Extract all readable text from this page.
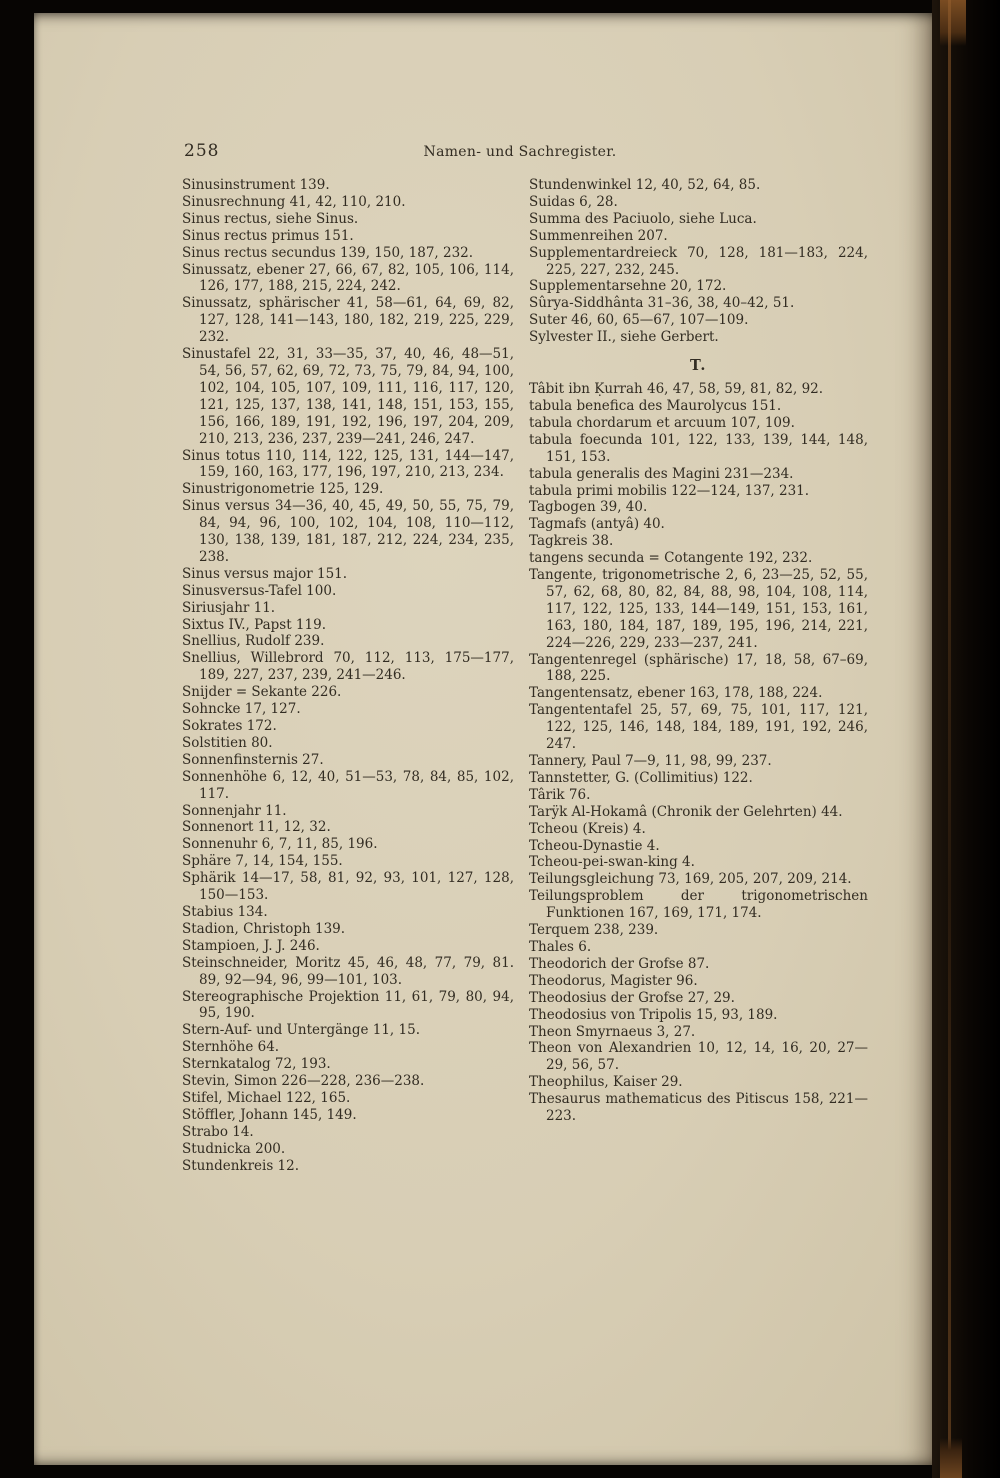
258	Namen- und Sachregister.
Sinusinstrument 139.
Sinusrechnung 41, 42, 110, 210.
Sinus rectus, siehe Sinus.
Sinus rectus primus 151.
Sinus rectus secundus 139, 150, 187, 232.
Sinussatz, ebener 27, 66, 67, 82, 105, 106, 114, 126, 177, 188, 215, 224, 242.
Sinussatz, sphärischer 41, 58—61, 64, 69, 82, 127, 128, 141—143, 180, 182, 219, 225, 229, 232.
Sinustafel 22, 31, 33—35, 37, 40, 46, 48—51, 54, 56, 57, 62, 69, 72, 73, 75, 79, 84, 94, 100, 102, 104, 105, 107, 109, 111, 116, 117, 120, 121, 125, 137, 138, 141, 148, 151, 153, 155, 156, 166, 189, 191, 192, 196, 197, 204, 209, 210, 213, 236, 237, 239—241, 246, 247.
Sinus totus 110, 114, 122, 125, 131, 144—147, 159, 160, 163, 177, 196, 197, 210, 213, 234.
Sinustrigonometrie 125, 129.
Sinus versus 34—36, 40, 45, 49, 50, 55, 75, 79, 84, 94, 96, 100, 102, 104, 108, 110—112, 130, 138, 139, 181, 187, 212, 224, 234, 235, 238.
Sinus versus major 151.
Sinusversus-Tafel 100.
Siriusjahr 11.
Sixtus IV., Papst 119.
Snellius, Rudolf 239.
Snellius, Willebrord 70, 112, 113, 175—177, 189, 227, 237, 239, 241—246.
Snijder = Sekante 226.
Sohncke 17, 127.
Sokrates 172.
Solstitien 80.
Sonnenfinsternis 27.
Sonnenhöhe 6, 12, 40, 51—53, 78, 84, 85, 102, 117.
Sonnenjahr 11.
Sonnenort 11, 12, 32.
Sonnenuhr 6, 7, 11, 85, 196.
Sphäre 7, 14, 154, 155.
Sphärik 14—17, 58, 81, 92, 93, 101, 127, 128, 150—153.
Stabius 134.
Stadion, Christoph 139.
Stampioen, J. J. 246.
Steinschneider, Moritz 45, 46, 48, 77, 79, 81. 89, 92—94, 96, 99—101, 103.
Stereographische Projektion 11, 61, 79, 80, 94, 95, 190.
Stern-Auf- und Untergänge 11, 15.
Sternhöhe 64.
Sternkatalog 72, 193.
Stevin, Simon 226—228, 236—238.
Stifel, Michael 122, 165.
Stöffler, Johann 145, 149.
Strabo 14.
Studnicka 200.
Stundenkreis 12.
Stundenwinkel 12, 40, 52, 64, 85.
Suidas 6, 28.
Summa des Paciuolo, siehe Luca.
Summenreihen 207.
Supplementardreieck 70, 128, 181—183, 224, 225, 227, 232, 245.
Supplementarsehne 20, 172.
Sûrya-Siddhânta 31–36, 38, 40–42, 51.
Suter 46, 60, 65—67, 107—109.
Sylvester II., siehe Gerbert.
T.
Tâbit ibn Ḳurrah 46, 47, 58, 59, 81, 82, 92.
tabula benefica des Maurolycus 151.
tabula chordarum et arcuum 107, 109.
tabula foecunda 101, 122, 133, 139, 144, 148, 151, 153.
tabula generalis des Magini 231—234.
tabula primi mobilis 122—124, 137, 231.
Tagbogen 39, 40.
Tagmafs (antyâ) 40.
Tagkreis 38.
tangens secunda = Cotangente 192, 232.
Tangente, trigonometrische 2, 6, 23—25, 52, 55, 57, 62, 68, 80, 82, 84, 88, 98, 104, 108, 114, 117, 122, 125, 133, 144—149, 151, 153, 161, 163, 180, 184, 187, 189, 195, 196, 214, 221, 224—226, 229, 233—237, 241.
Tangentenregel (sphärische) 17, 18, 58, 67–69, 188, 225.
Tangentensatz, ebener 163, 178, 188, 224.
Tangententafel 25, 57, 69, 75, 101, 117, 121, 122, 125, 146, 148, 184, 189, 191, 192, 246, 247.
Tannery, Paul 7—9, 11, 98, 99, 237.
Tannstetter, G. (Collimitius) 122.
Târik 76.
Tarÿk Al-Hokamâ (Chronik der Gelehrten) 44.
Tcheou (Kreis) 4.
Tcheou-Dynastie 4.
Tcheou-pei-swan-king 4.
Teilungsgleichung 73, 169, 205, 207, 209, 214.
Teilungsproblem der trigonometrischen Funktionen 167, 169, 171, 174.
Terquem 238, 239.
Thales 6.
Theodorich der Grofse 87.
Theodorus, Magister 96.
Theodosius der Grofse 27, 29.
Theodosius von Tripolis 15, 93, 189.
Theon Smyrnaeus 3, 27.
Theon von Alexandrien 10, 12, 14, 16, 20, 27—29, 56, 57.
Theophilus, Kaiser 29.
Thesaurus mathematicus des Pitiscus 158, 221—223.
